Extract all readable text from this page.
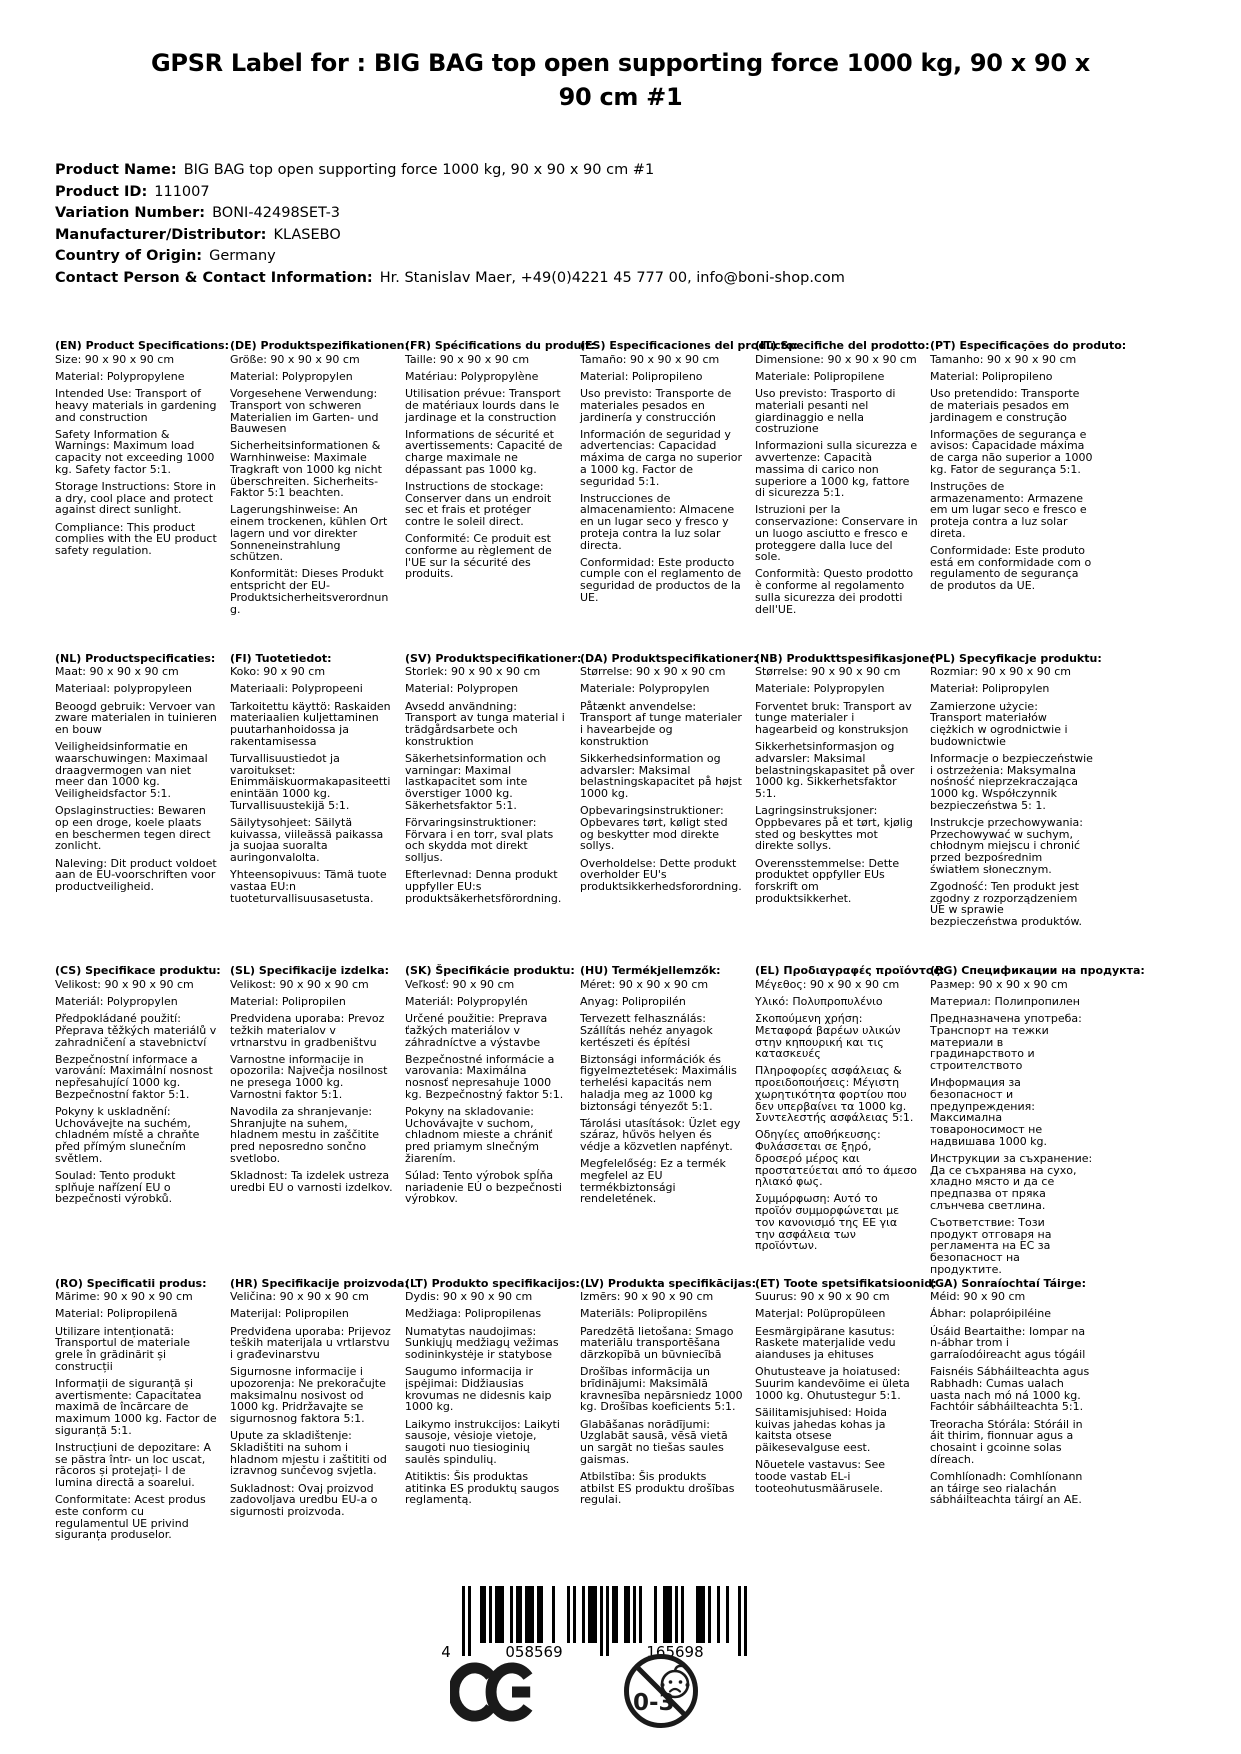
GPSR Label for : BIG BAG top open supporting force 1000 kg, 90 x 90 x 90 cm #1
Product Name: BIG BAG top open supporting force 1000 kg, 90 x 90 x 90 cm #1
Product ID: 111007
Variation Number: BONI-42498SET-3
Manufacturer/Distributor: KLASEBO
Country of Origin: Germany
Contact Person & Contact Information: Hr. Stanislav Maer, +49(0)4221 45 777 00, info@boni-shop.com
(EN) Product Specifications:

Size: 90 x 90 x 90 cm

Material: Polypropylene

Intended Use: Transport of heavy materials in gardening and construction

Safety Information & Warnings: Maximum load capacity not exceeding 1000 kg. Safety factor 5:1.

Storage Instructions: Store in a dry, cool place and protect against direct sunlight.

Compliance: This product complies with the EU product safety regulation.

(DE) Produktspezifikationen:

Größe: 90 x 90 x 90 cm

Material: Polypropylen

Vorgesehene Verwendung: Transport von schweren Materialien im Garten- und Bauwesen

Sicherheitsinformationen & Warnhinweise: Maximale Tragkraft von 1000 kg nicht überschreiten. Sicherheits-Faktor 5:1 beachten.

Lagerungshinweise: An einem trockenen, kühlen Ort lagern und vor direkter Sonneneinstrahlung schützen.

Konformität: Dieses Produkt entspricht der EU-Produktsicherheitsverordnung.

(FR) Spécifications du produit:

Taille: 90 x 90 x 90 cm

Matériau: Polypropylène

Utilisation prévue: Transport de matériaux lourds dans le jardinage et la construction

Informations de sécurité et avertissements: Capacité de charge maximale ne dépassant pas 1000 kg.

Instructions de stockage: Conserver dans un endroit sec et frais et protéger contre le soleil direct.

Conformité: Ce produit est conforme au règlement de l'UE sur la sécurité des produits.

(ES) Especificaciones del producto:

Tamaño: 90 x 90 x 90 cm

Material: Polipropileno

Uso previsto: Transporte de materiales pesados en jardinería y construcción

Información de seguridad y advertencias: Capacidad máxima de carga no superior a 1000 kg. Factor de seguridad 5:1.

Instrucciones de almacenamiento: Almacene en un lugar seco y fresco y proteja contra la luz solar directa.

Conformidad: Este producto cumple con el reglamento de seguridad de productos de la UE.

(IT) Specifiche del prodotto:

Dimensione: 90 x 90 x 90 cm

Materiale: Polipropilene

Uso previsto: Trasporto di materiali pesanti nel giardinaggio e nella costruzione

Informazioni sulla sicurezza e avvertenze: Capacità massima di carico non superiore a 1000 kg, fattore di sicurezza 5:1.

Istruzioni per la conservazione: Conservare in un luogo asciutto e fresco e proteggere dalla luce del sole.

Conformità: Questo prodotto è conforme al regolamento sulla sicurezza dei prodotti dell'UE.

(PT) Especificações do produto:

Tamanho: 90 x 90 x 90 cm

Material: Polipropileno

Uso pretendido: Transporte de materiais pesados em jardinagem e construção

Informações de segurança e avisos: Capacidade máxima de carga não superior a 1000 kg. Fator de segurança 5:1.

Instruções de armazenamento: Armazene em um lugar seco e fresco e proteja contra a luz solar direta.

Conformidade: Este produto está em conformidade com o regulamento de segurança de produtos da UE.

(NL) Productspecificaties:

Maat: 90 x 90 x 90 cm

Materiaal: polypropyleen

Beoogd gebruik: Vervoer van zware materialen in tuinieren en bouw

Veiligheidsinformatie en waarschuwingen: Maximaal draagvermogen van niet meer dan 1000 kg. Veiligheidsfactor 5:1.

Opslaginstructies: Bewaren op een droge, koele plaats en beschermen tegen direct zonlicht.

Naleving: Dit product voldoet aan de EU-voorschriften voor productveiligheid.

(FI) Tuotetiedot:

Koko: 90 x 90 cm

Materiaali: Polypropeeni

Tarkoitettu käyttö: Raskaiden materiaalien kuljettaminen puutarhanhoidossa ja rakentamisessa

Turvallisuustiedot ja varoitukset: Enimmäiskuormakapasiteetti enintään 1000 kg. Turvallisuustekijä 5:1.

Säilytysohjeet: Säilytä kuivassa, viileässä paikassa ja suojaa suoralta auringonvalolta.

Yhteensopivuus: Tämä tuote vastaa EU:n tuoteturvallisuusasetusta.

(SV) Produktspecifikationer:

Storlek: 90 x 90 x 90 cm

Material: Polypropen

Avsedd användning: Transport av tunga material i trädgårdsarbete och konstruktion

Säkerhetsinformation och varningar: Maximal lastkapacitet som inte överstiger 1000 kg. Säkerhetsfaktor 5:1.

Förvaringsinstruktioner: Förvara i en torr, sval plats och skydda mot direkt solljus.

Efterlevnad: Denna produkt uppfyller EU:s produktsäkerhetsförordning.

(DA) Produktspecifikationer:

Størrelse: 90 x 90 x 90 cm

Materiale: Polypropylen

Påtænkt anvendelse: Transport af tunge materialer i havearbejde og konstruktion

Sikkerhedsinformation og advarsler: Maksimal belastningskapacitet på højst 1000 kg.

Opbevaringsinstruktioner: Opbevares tørt, køligt sted og beskytter mod direkte sollys.

Overholdelse: Dette produkt overholder EU's produktsikkerhedsforordning.

(NB) Produkttspesifikasjoner:

Størrelse: 90 x 90 x 90 cm

Materiale: Polypropylen

Forventet bruk: Transport av tunge materialer i hagearbeid og konstruksjon

Sikkerhetsinformasjon og advarsler: Maksimal belastningskapasitet på over 1000 kg. Sikkerhetsfaktor 5:1.

Lagringsinstruksjoner: Oppbevares på et tørt, kjølig sted og beskyttes mot direkte sollys.

Overensstemmelse: Dette produktet oppfyller EUs forskrift om produktsikkerhet.

(PL) Specyfikacje produktu:

Rozmiar: 90 x 90 x 90 cm

Materiał: Polipropylen

Zamierzone użycie: Transport materiałów ciężkich w ogrodnictwie i budownictwie

Informacje o bezpieczeństwie i ostrzeżenia: Maksymalna nośność nieprzekraczająca 1000 kg. Współczynnik bezpieczeństwa 5: 1.

Instrukcje przechowywania: Przechowywać w suchym, chłodnym miejscu i chronić przed bezpośrednim światłem słonecznym.

Zgodność: Ten produkt jest zgodny z rozporządzeniem UE w sprawie bezpieczeństwa produktów.

(CS) Specifikace produktu:

Velikost: 90 x 90 x 90 cm

Materiál: Polypropylen

Předpokládané použití: Přeprava těžkých materiálů v zahradničení a stavebnictví

Bezpečnostní informace a varování: Maximální nosnost nepřesahující 1000 kg. Bezpečnostní faktor 5:1.

Pokyny k uskladnění: Uchovávejte na suchém, chladném místě a chraňte před přímým slunečním světlem.

Soulad: Tento produkt splňuje nařízení EU o bezpečnosti výrobků.

(SL) Specifikacije izdelka:

Velikost: 90 x 90 x 90 cm

Material: Polipropilen

Predvidena uporaba: Prevoz težkih materialov v vrtnarstvu in gradbeništvu

Varnostne informacije in opozorila: Največja nosilnost ne presega 1000 kg. Varnostni faktor 5:1.

Navodila za shranjevanje: Shranjujte na suhem, hladnem mestu in zaščitite pred neposredno sončno svetlobo.

Skladnost: Ta izdelek ustreza uredbi EU o varnosti izdelkov.

(SK) Špecifikácie produktu:

Veľkosť: 90 x 90 cm

Materiál: Polypropylén

Určené použitie: Preprava ťažkých materiálov v záhradníctve a výstavbe

Bezpečnostné informácie a varovania: Maximálna nosnosť nepresahuje 1000 kg. Bezpečnostný faktor 5:1.

Pokyny na skladovanie: Uchovávajte v suchom, chladnom mieste a chrániť pred priamym slnečným žiarením.

Súlad: Tento výrobok spĺňa nariadenie EÚ o bezpečnosti výrobkov.

(HU) Termékjellemzők:

Méret: 90 x 90 x 90 cm

Anyag: Polipropilén

Tervezett felhasználás: Szállítás nehéz anyagok kertészeti és építési

Biztonsági információk és figyelmeztetések: Maximális terhelési kapacitás nem haladja meg az 1000 kg biztonsági tényezőt 5:1.

Tárolási utasítások: Üzlet egy száraz, hűvös helyen és védje a közvetlen napfényt.

Megfelelőség: Ez a termék megfelel az EU termékbiztonsági rendeletének.

(EL) Προδιαγραφές προϊόντος:

Μέγεθος: 90 x 90 x 90 cm

Υλικό: Πολυπροπυλένιο

Σκοπούμενη χρήση: Μεταφορά βαρέων υλικών στην κηπουρική και τις κατασκευές

Πληροφορίες ασφάλειας & προειδοποιήσεις: Μέγιστη χωρητικότητα φορτίου που δεν υπερβαίνει τα 1000 kg. Συντελεστής ασφάλειας 5:1.

Οδηγίες αποθήκευσης: Φυλάσσεται σε ξηρό, δροσερό μέρος και προστατεύεται από το άμεσο ηλιακό φως.

Συμμόρφωση: Αυτό το προϊόν συμμορφώνεται με τον κανονισμό της ΕΕ για την ασφάλεια των προϊόντων.

(BG) Спецификации на продукта:

Размер: 90 x 90 x 90 cm

Материал: Полипропилен

Предназначена употреба: Транспорт на тежки материали в градинарството и строителството

Информация за безопасност и предупреждения: Максимална товароносимост не надвишава 1000 kg.

Инструкции за съхранение: Да се съхранява на сухо, хладно място и да се предпазва от пряка слънчева светлина.

Съответствие: Този продукт отговаря на регламента на ЕС за безопасност на продуктите.

(RO) Specificatii produs:

Mărime: 90 x 90 x 90 cm

Material: Polipropilenă

Utilizare intenționată: Transportul de materiale grele în grădinărit și construcții

Informații de siguranță și avertismente: Capacitatea maximă de încărcare de maximum 1000 kg. Factor de siguranță 5:1.

Instrucțiuni de depozitare: A se păstra într- un loc uscat, răcoros și protejați- l de lumina directă a soarelui.

Conformitate: Acest produs este conform cu regulamentul UE privind siguranța produselor.

(HR) Specifikacije proizvoda:

Veličina: 90 x 90 x 90 cm

Materijal: Polipropilen

Predviđena uporaba: Prijevoz teških materijala u vrtlarstvu i građevinarstvu

Sigurnosne informacije i upozorenja: Ne prekoračujte maksimalnu nosivost od 1000 kg. Pridržavajte se sigurnosnog faktora 5:1.

Upute za skladištenje: Skladištiti na suhom i hladnom mjestu i zaštititi od izravnog sunčevog svjetla.

Sukladnost: Ovaj proizvod zadovoljava uredbu EU-a o sigurnosti proizvoda.

(LT) Produkto specifikacijos:

Dydis: 90 x 90 x 90 cm

Medžiaga: Polipropilenas

Numatytas naudojimas: Sunkiųjų medžiagų vežimas sodininkystėje ir statybose

Saugumo informacija ir įspėjimai: Didžiausias krovumas ne didesnis kaip 1000 kg.

Laikymo instrukcijos: Laikyti sausoje, vėsioje vietoje, saugoti nuo tiesioginių saulės spindulių.

Atitiktis: Šis produktas atitinka ES produktų saugos reglamentą.

(LV) Produkta specifikācijas:

Izmērs: 90 x 90 x 90 cm

Materiāls: Polipropilēns

Paredzētā lietošana: Smago materiālu transportēšana dārzkopībā un būvniecībā

Drošības informācija un brīdinājumi: Maksimālā kravnesība nepārsniedz 1000 kg. Drošības koeficients 5:1.

Glabāšanas norādījumi: Uzglabāt sausā, vēsā vietā un sargāt no tiešas saules gaismas.

Atbilstība: Šis produkts atbilst ES produktu drošības regulai.

(ET) Toote spetsifikatsioonid:

Suurus: 90 x 90 x 90 cm

Materjal: Polüpropüleen

Eesmärgipärane kasutus: Raskete materjalide vedu aianduses ja ehituses

Ohutusteave ja hoiatused: Suurim kandevõime ei ületa 1000 kg. Ohutustegur 5:1.

Säilitamisjuhised: Hoida kuivas jahedas kohas ja kaitsta otsese päikesevalguse eest.

Nõuetele vastavus: See toode vastab EL-i tooteohutusmäärusele.

(GA) Sonraíochtaí Táirge:

Méid: 90 x 90 cm

Ábhar: polapróipiléine

Úsáid Beartaithe: Iompar na n-ábhar trom i garraíodóireacht agus tógáil

Faisnéis Sábháilteachta agus Rabhadh: Cumas ualach uasta nach mó ná 1000 kg. Fachtóir sábháilteachta 5:1.

Treoracha Stórála: Stóráil in áit thirim, fionnuar agus a chosaint i gcoinne solas díreach.

Comhlíonadh: Comhlíonann an táirge seo rialachán sábháilteachta táirgí an AE.

4	058569	165698
0-3
